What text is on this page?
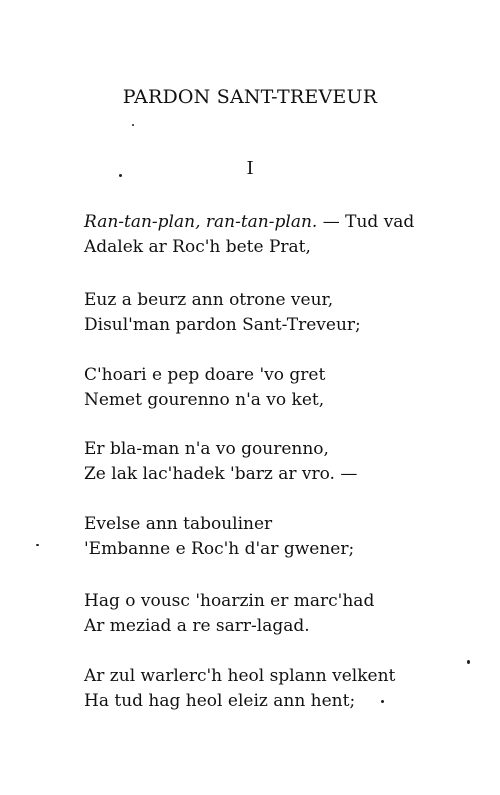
PARDON SANT-TREVEUR
I
Ran-tan-plan, ran-tan-plan. — Tud vad
Adalek ar Roc'h bete Prat,
Euz a beurz ann otrone veur,
Disul'man pardon Sant-Treveur;
C'hoari e pep doare 'vo gret
Nemet gourenno n'a vo ket,
Er bla-man n'a vo gourenno,
Ze lak lac'hadek 'barz ar vro. —
Evelse ann tabouliner
'Embanne e Roc'h d'ar gwener;
Hag o vousc 'hoarzin er marc'had
Ar meziad a re sarr-lagad.
Ar zul warlerc'h heol splann velkent
Ha tud hag heol eleiz ann hent;
